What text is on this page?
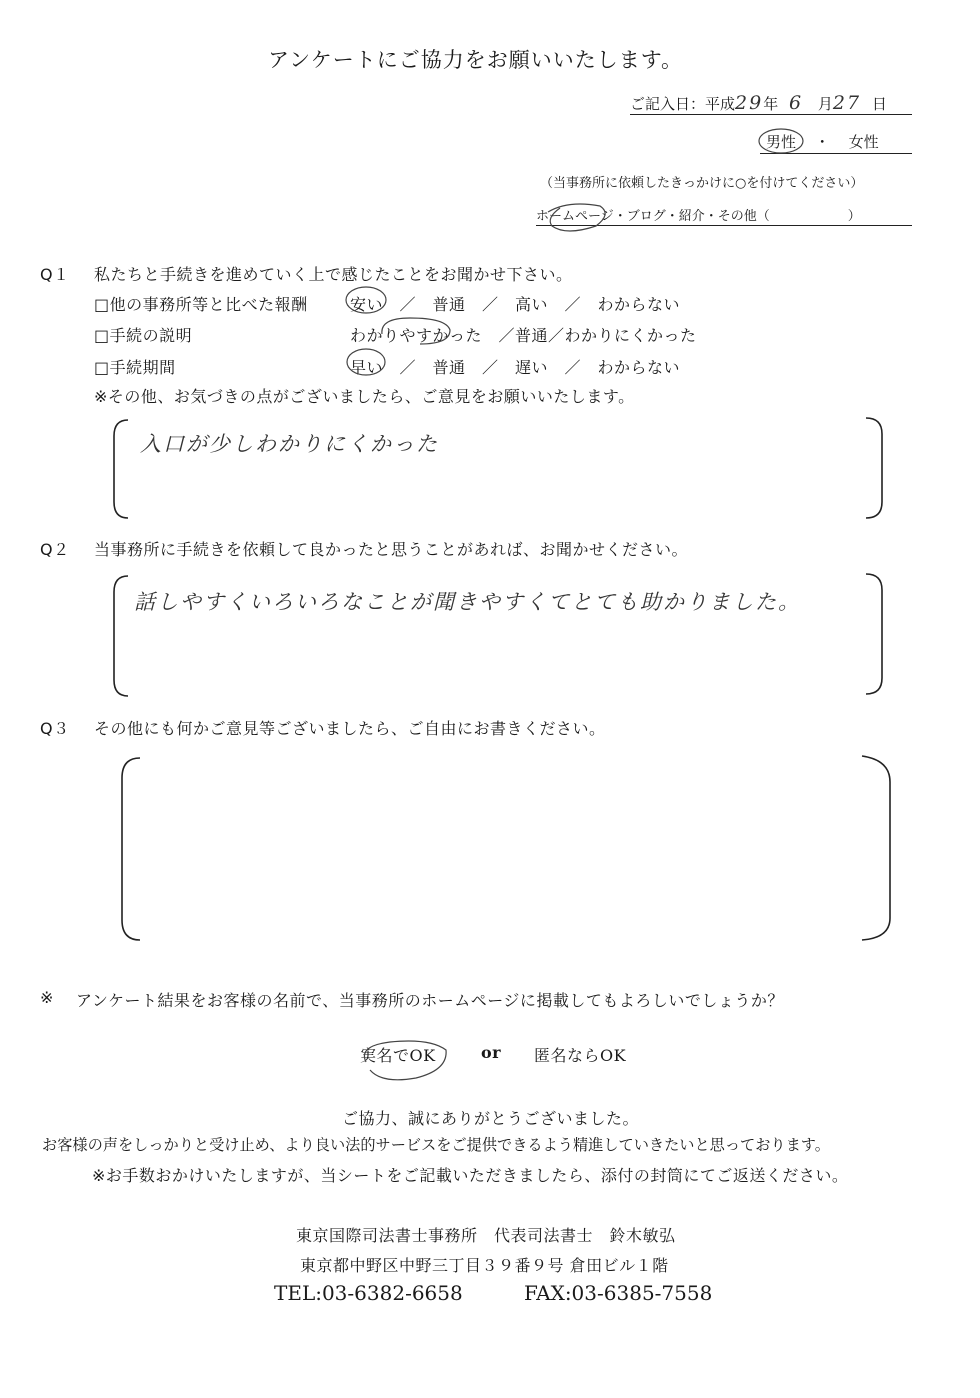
アンケートにご協力をお願いいたします。
ご記入日：平成29年 6 月27 日
男性 ・ 女性
（当事務所に依頼したきっかけに○を付けてください）
ホームページ・ブログ・紹介・その他（　　　　　　）
Q１ 私たちと手続きを進めていく上で感じたことをお聞かせ下さい。
□他の事務所等と比べた報酬	安い　／　普通　／　高い　／　わからない
□手続の説明	わかりやすかった　／普通／わかりにくかった
□手続期間	早い　／　普通　／　遅い　／　わからない
※その他、お気づきの点がございましたら、ご意見をお願いいたします。
入口が少しわかりにくかった
Q２ 当事務所に手続きを依頼して良かったと思うことがあれば、お聞かせください。
話しやすくいろいろなことが聞きやすくてとても助かりました。
Q３ その他にも何かご意見等ございましたら、ご自由にお書きください。
※ アンケート結果をお客様の名前で、当事務所のホームページに掲載してもよろしいでしょうか？
実名でOK	or 匿名ならOK
ご協力、誠にありがとうございました。
お客様の声をしっかりと受け止め、より良い法的サービスをご提供できるよう精進していきたいと思っております。
※お手数おかけいたしますが、当シートをご記載いただきましたら、添付の封筒にてご返送ください。
東京国際司法書士事務所　代表司法書士　鈴木敏弘
東京都中野区中野三丁目３９番９号 倉田ビル１階
TEL:03-6382-6658	FAX:03-6385-7558
